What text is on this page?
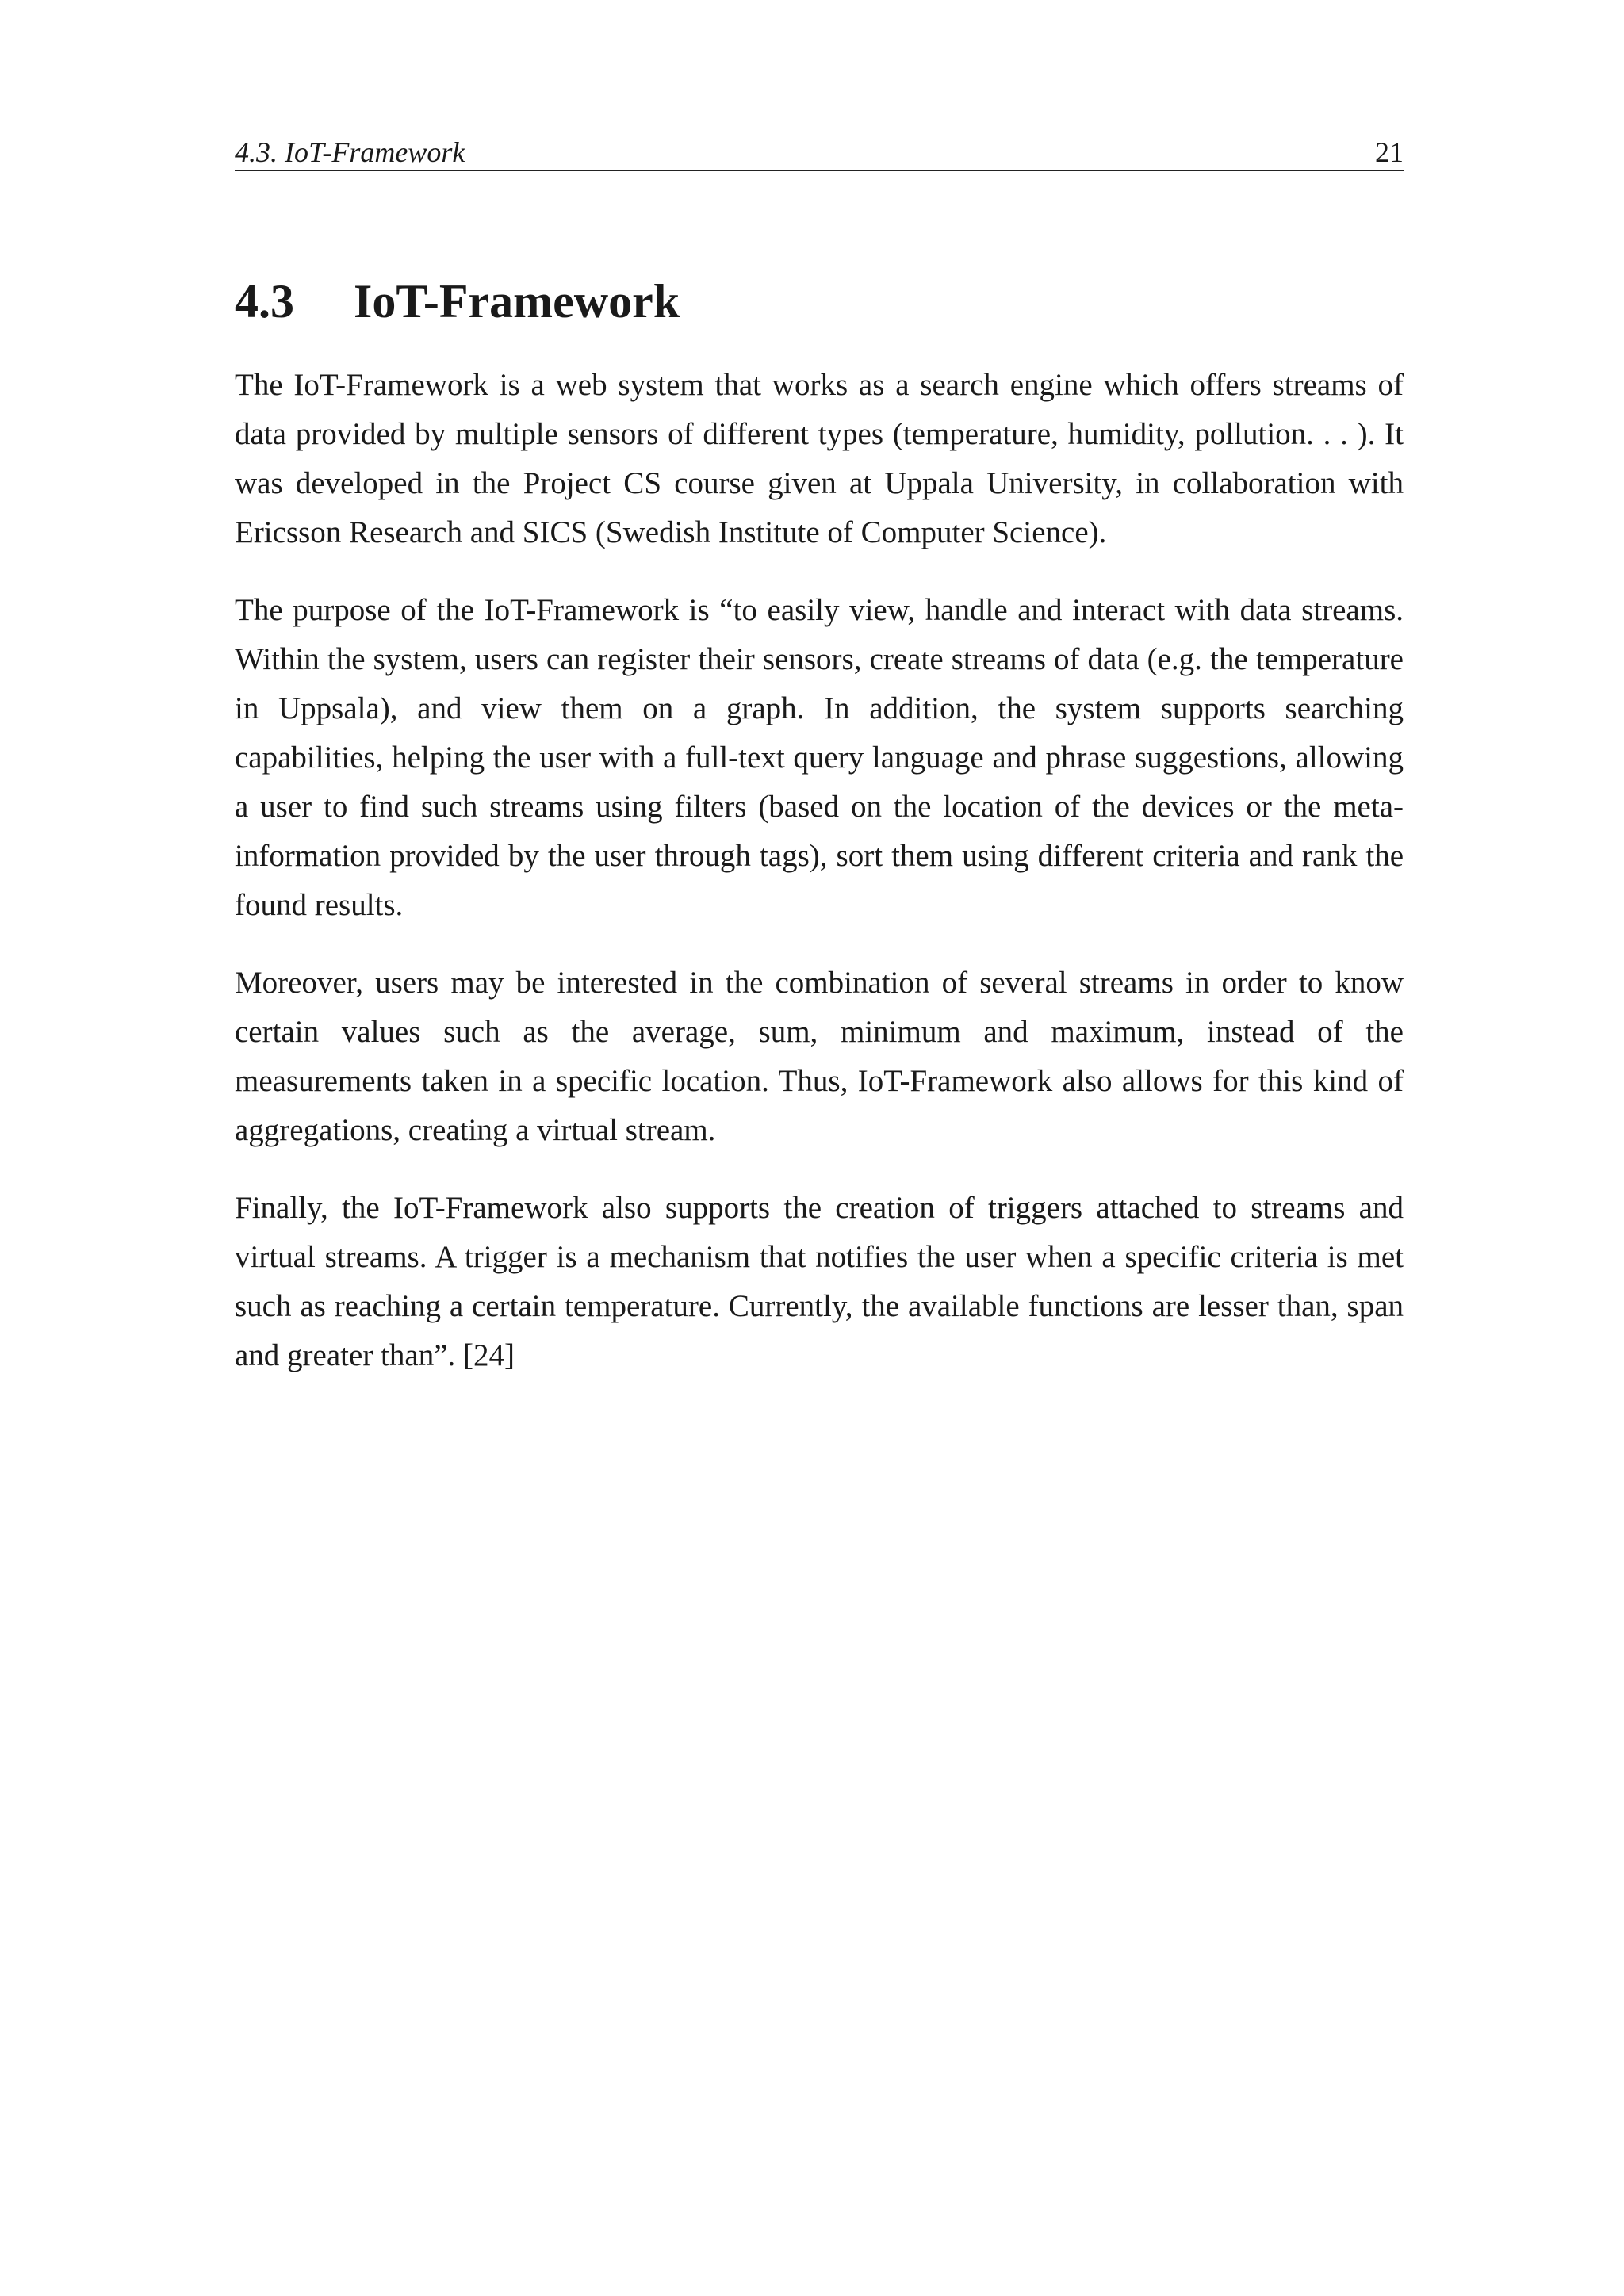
4.3. IoT-Framework	21
4.3 IoT-Framework

The IoT-Framework is a web system that works as a search engine which offers streams of data provided by multiple sensors of different types (temperature, humidity, pollution. . . ). It was developed in the Project CS course given at Uppala University, in collaboration with Ericsson Research and SICS (Swedish Institute of Computer Science).

The purpose of the IoT-Framework is “to easily view, handle and interact with data streams. Within the system, users can register their sensors, create streams of data (e.g. the temperature in Uppsala), and view them on a graph. In addition, the system supports searching capabilities, helping the user with a full-text query language and phrase suggestions, allowing a user to find such streams using filters (based on the location of the devices or the meta-information provided by the user through tags), sort them using different criteria and rank the found results.

Moreover, users may be interested in the combination of several streams in order to know certain values such as the average, sum, minimum and maximum, instead of the measurements taken in a specific location. Thus, IoT-Framework also allows for this kind of aggregations, creating a virtual stream.

Finally, the IoT-Framework also supports the creation of triggers attached to streams and virtual streams. A trigger is a mechanism that notifies the user when a specific criteria is met such as reaching a certain temperature. Currently, the available functions are lesser than, span and greater than”. [24]
